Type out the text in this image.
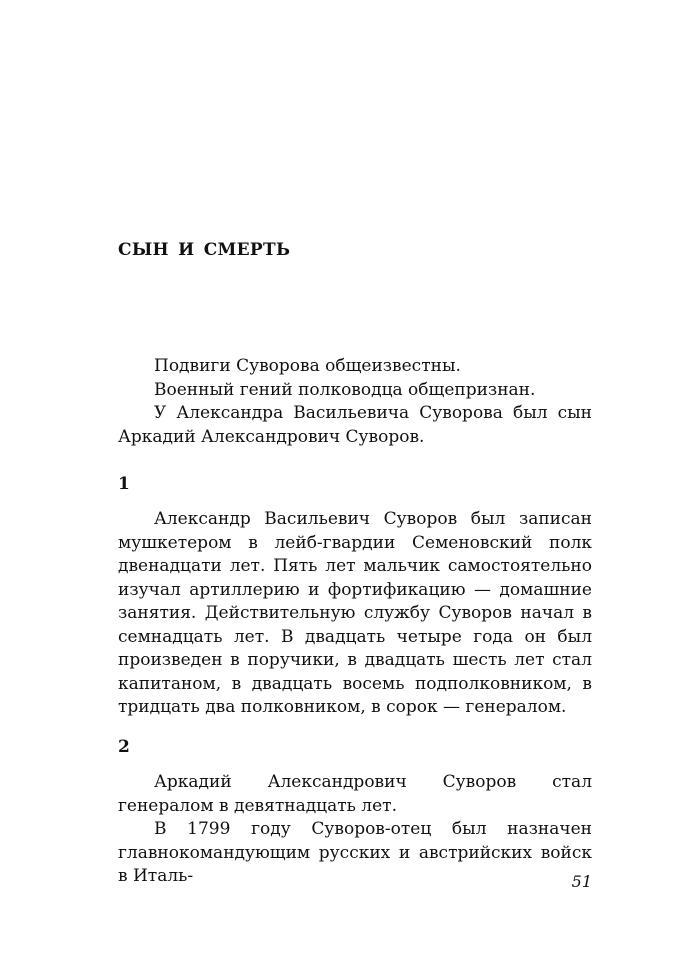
СЫН И СМЕРТЬ

Подвиги Суворова общеизвестны.

Военный гений полководца общепризнан.

У Александра Васильевича Суворова был сын Аркадий Александрович Суворов.

1

Александр Васильевич Суворов был записан мушкетером в лейб-гвардии Семеновский полк двенадцати лет. Пять лет мальчик самостоятельно изучал артиллерию и фортификацию — домашние занятия. Действительную службу Суворов начал в семнадцать лет. В двадцать четыре года он был произведен в поручики, в двадцать шесть лет стал капитаном, в двадцать восемь подполковником, в тридцать два полковником, в сорок — генералом.

2

Аркадий Александрович Суворов стал генералом в девятнадцать лет.

В 1799 году Суворов-отец был назначен главнокомандующим русских и австрийских войск в Италь-	51
